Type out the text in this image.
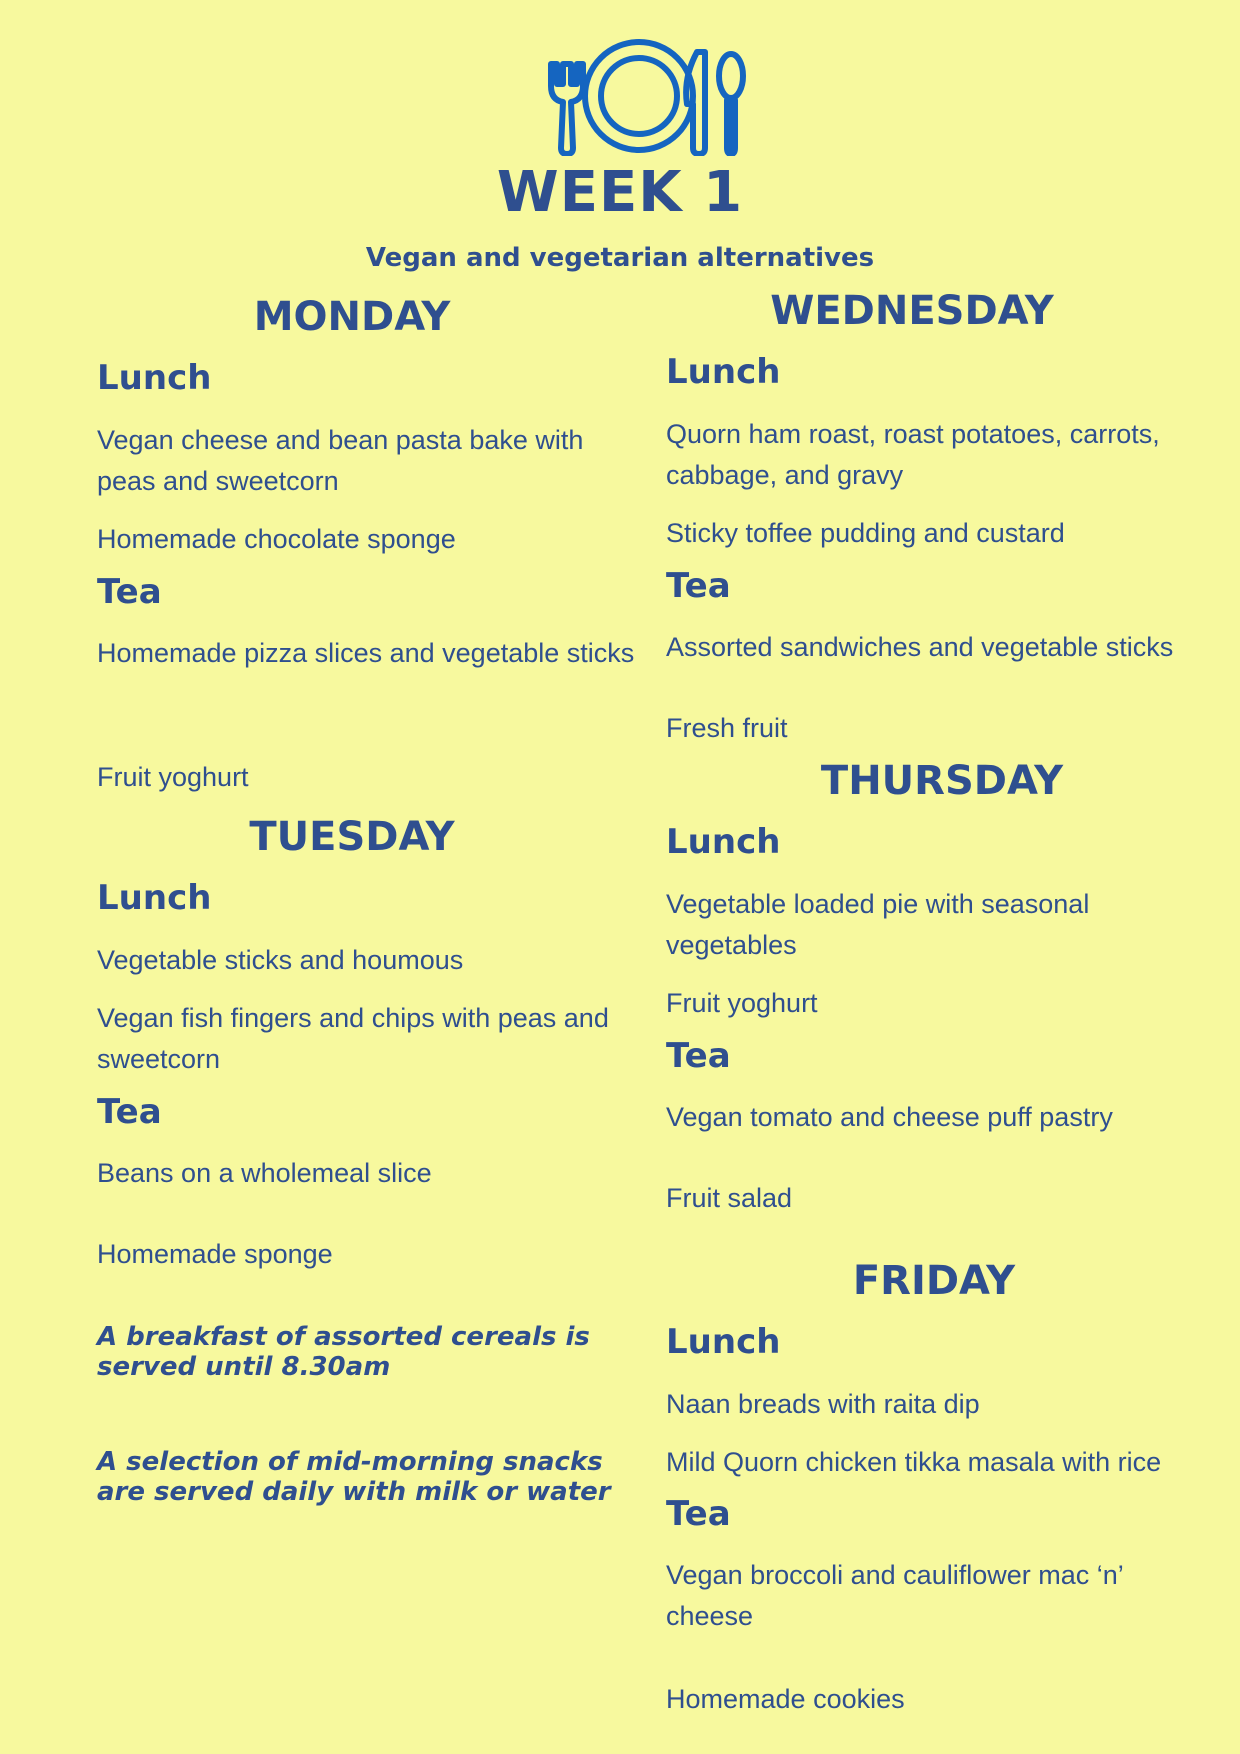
WEEK 1
Vegan and vegetarian alternatives
MONDAY
Lunch
Vegan cheese and bean pasta bake with peas and sweetcorn
Homemade chocolate sponge
Tea
Homemade pizza slices and vegetable sticks
Fruit yoghurt
TUESDAY
Lunch
Vegetable sticks and houmous
Vegan fish fingers and chips with peas and sweetcorn
Tea
Beans on a wholemeal slice
Homemade sponge
A breakfast of assorted cereals is served until 8.30am
A selection of mid-morning snacks are served daily with milk or water
WEDNESDAY
Lunch
Quorn ham roast, roast potatoes, carrots, cabbage, and gravy
Sticky toffee pudding and custard
Tea
Assorted sandwiches and vegetable sticks
Fresh fruit
THURSDAY
Lunch
Vegetable loaded pie with seasonal vegetables
Fruit yoghurt
Tea
Vegan tomato and cheese puff pastry
Fruit salad
FRIDAY
Lunch
Naan breads with raita dip
Mild Quorn chicken tikka masala with rice
Tea
Vegan broccoli and cauliflower mac ‘n’ cheese
Homemade cookies
